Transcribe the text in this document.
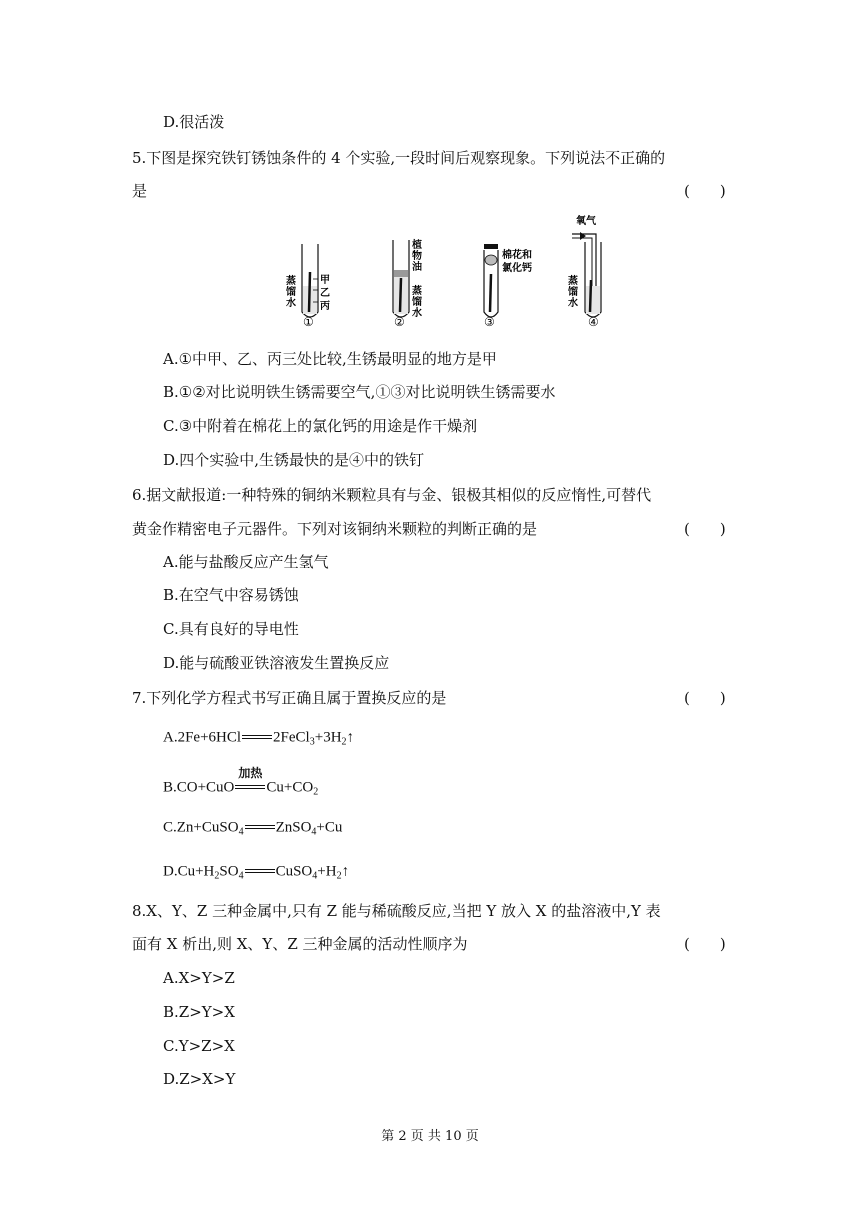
D.很活泼
5.下图是探究铁钉锈蚀条件的 4 个实验,一段时间后观察现象。下列说法不正确的
是	(　　)
甲
乙
丙
蒸馏水
①
植物油
蒸馏水
②
棉花和
氯化钙
③
氧气
蒸馏水
④
A.①中甲、乙、丙三处比较,生锈最明显的地方是甲
B.①②对比说明铁生锈需要空气,①③对比说明铁生锈需要水
C.③中附着在棉花上的氯化钙的用途是作干燥剂
D.四个实验中,生锈最快的是④中的铁钉
6.据文献报道:一种特殊的铜纳米颗粒具有与金、银极其相似的反应惰性,可替代
黄金作精密电子元器件。下列对该铜纳米颗粒的判断正确的是	(　　)
A.能与盐酸反应产生氢气
B.在空气中容易锈蚀
C.具有良好的导电性
D.能与硫酸亚铁溶液发生置换反应
7.下列化学方程式书写正确且属于置换反应的是	(　　)
A.2Fe+6HCl $2FeCl_3+3H_2↑$
B.CO+CuO
加热
$Cu+CO_2$
C.Zn+CuSO$_4$ ZnSO$_4$+Cu
$D.Cu+H_2SO_4$ $CuSO_4+H_2↑$
8.X、Y、Z 三种金属中,只有 Z 能与稀硫酸反应,当把 Y 放入 X 的盐溶液中,Y 表
面有 X 析出,则 X、Y、Z 三种金属的活动性顺序为	(　　)
A.X>Y>Z
B.Z>Y>X
C.Y>Z>X
D.Z>X>Y
第 2 页 共 10 页
